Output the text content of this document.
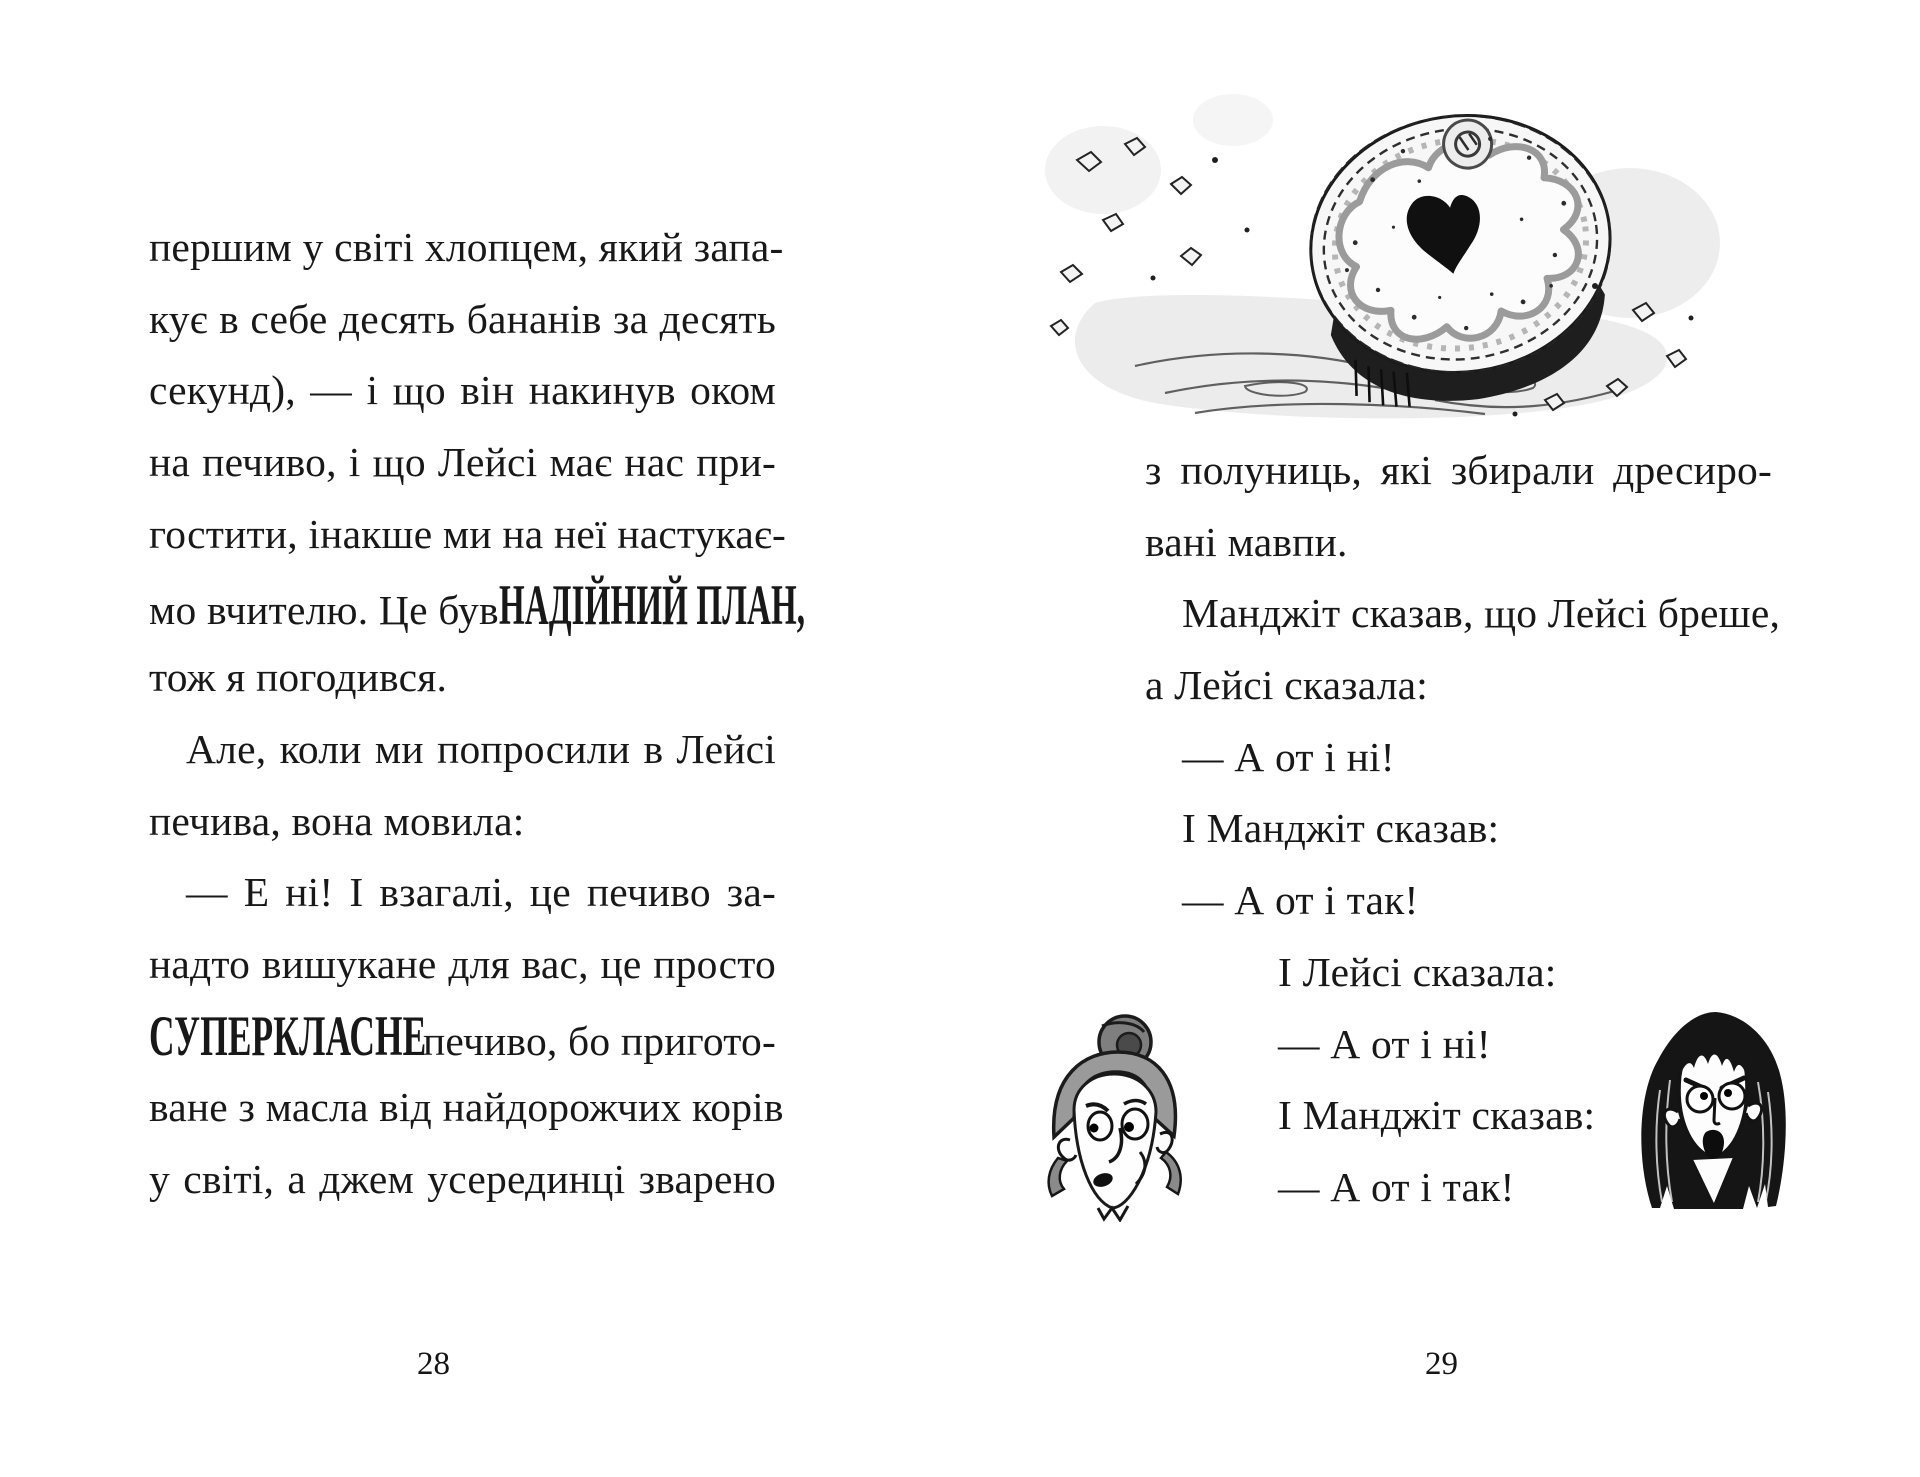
першим у світі хлопцем, який запа-
кує в себе десять бананів за десять
секунд), — і що він накинув оком
на печиво, і що Лейсі має нас при-
гостити, інакше ми на неї настукає-
мо вчителю. Це був НАДІЙНИЙ ПЛАН,
тож я погодився.
Але, коли ми попросили в Лейсі
печива, вона мовила:
— Е ні! І взагалі, це печиво за-
надто вишукане для вас, це просто
СУПЕРКЛАСНЕ
печиво, бо пригото-
ване з масла від найдорожчих корів
у світі, а джем усерединці зварено
28
з полуниць, які збирали дресиро-
вані мавпи.
Манджіт сказав, що Лейсі бреше,
а Лейсі сказала:
— А от і ні!
І Манджіт сказав:
— А от і так!
І Лейсі сказала:
— А от і ні!
І Манджіт сказав:
— А от і так!
29
